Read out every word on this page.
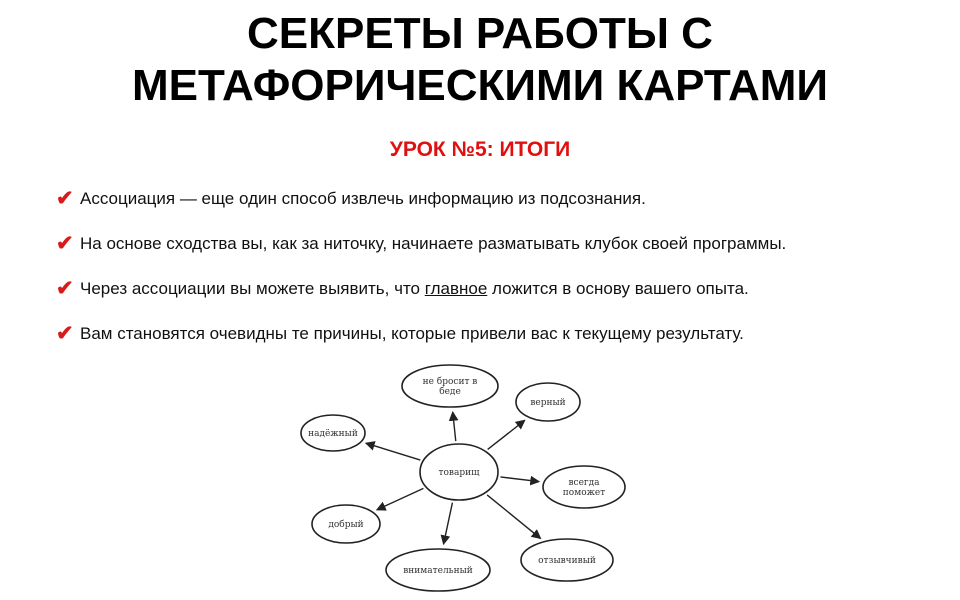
СЕКРЕТЫ РАБОТЫ С
МЕТАФОРИЧЕСКИМИ КАРТАМИ
УРОК №5: ИТОГИ
✔ Ассоциация — еще один способ извлечь информацию из подсознания.
✔ На основе сходства вы, как за ниточку, начинаете разматывать клубок своей программы.
✔ Через ассоциации вы можете выявить, что главное ложится в основу вашего опыта.
✔ Вам становятся очевидны те причины, которые привели вас к текущему результату.
товарищ
не бросит в
беде
верный
надёжный
всегда
поможет
добрый
отзывчивый
внимательный
